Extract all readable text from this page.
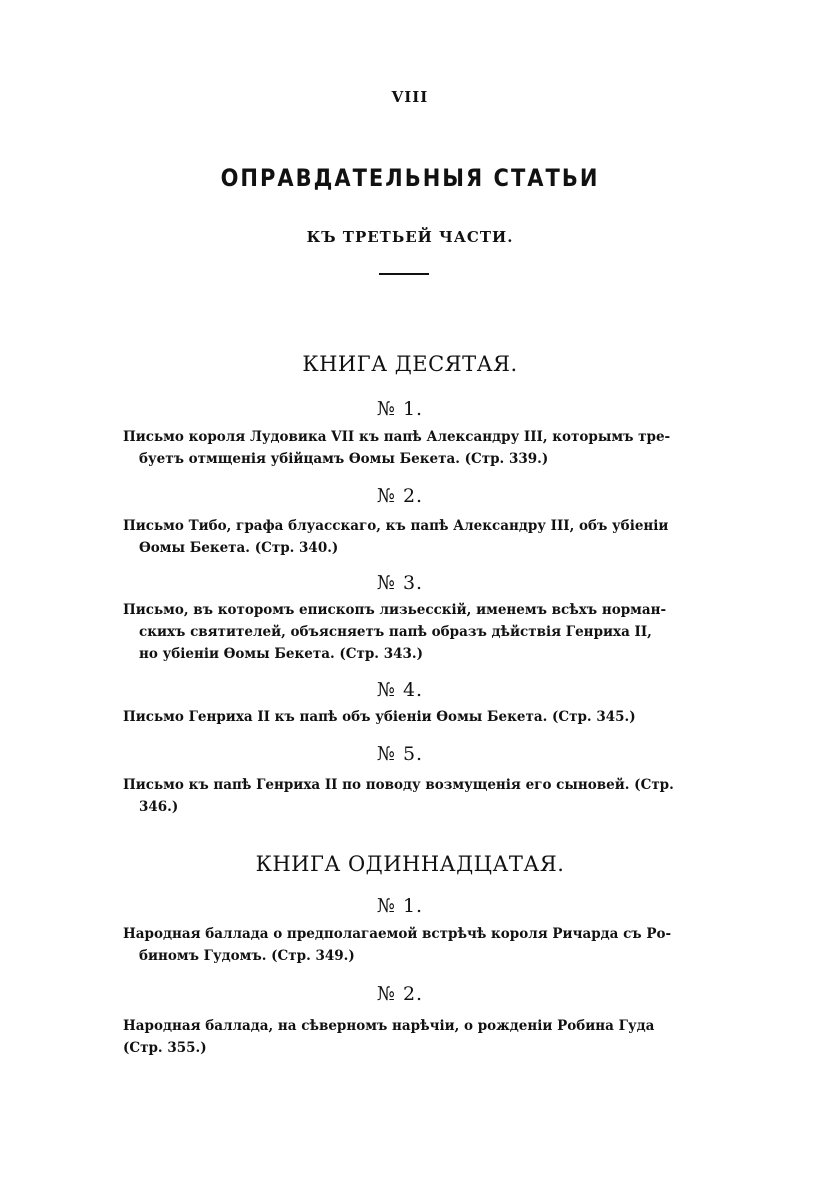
VIII
ОПРАВДАТЕЛЬНЫЯ СТАТЬИ
КЪ ТРЕТЬЕЙ ЧАСТИ.
КНИГА ДЕСЯТАЯ.
№ 1.
Письмо короля Лудовика VII къ папѣ Александру III, которымъ тре-
буетъ отмщенія убійцамъ Ѳомы Бекета. (Стр. 339.)
№ 2.
Письмо Тибо, графа блуасскаго, къ папѣ Александру III, объ убіеніи
Ѳомы Бекета. (Стр. 340.)
№ 3.
Письмо, въ которомъ епископъ лизьесскій, именемъ всѣхъ норман-
скихъ святителей, объясняетъ папѣ образъ дѣйствія Генриха II,
но убіеніи Ѳомы Бекета. (Стр. 343.)
№ 4.
Письмо Генриха II къ папѣ объ убіеніи Ѳомы Бекета. (Стр. 345.)
№ 5.
Письмо къ папѣ Генриха II по поводу возмущенія его сыновей. (Стр.
346.)
КНИГА ОДИННАДЦАТАЯ.
№ 1.
Народная баллада о предполагаемой встрѣчѣ короля Ричарда съ Ро-
биномъ Гудомъ. (Стр. 349.)
№ 2.
Народная баллада, на сѣверномъ нарѣчіи, о рожденіи Робина Гуда
(Стр. 355.)
